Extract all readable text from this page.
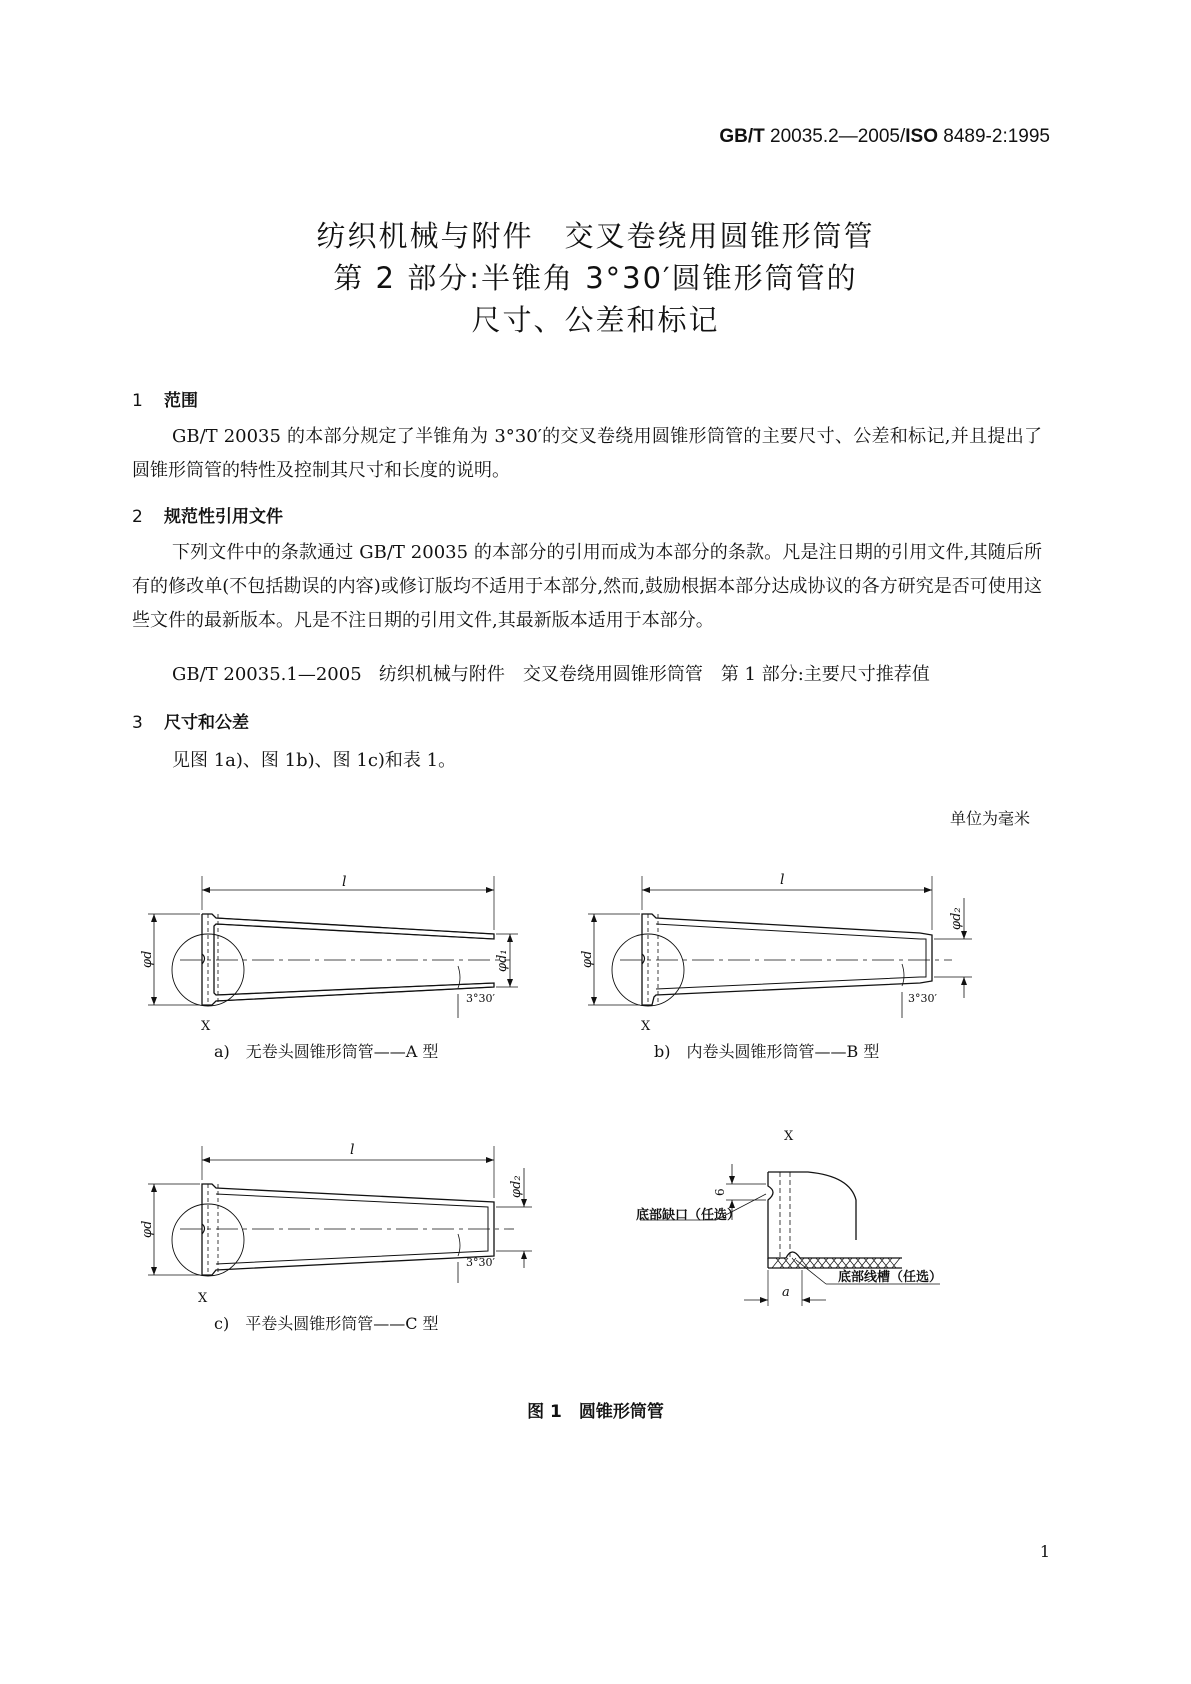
GB/T 20035.2—2005/ISO 8489-2:1995
纺织机械与附件　交叉卷绕用圆锥形筒管
第 2 部分:半锥角 3°30′圆锥形筒管的
尺寸、公差和标记
1 范围
GB/T 20035 的本部分规定了半锥角为 3°30′的交叉卷绕用圆锥形筒管的主要尺寸、公差和标记,并且提出了圆锥形筒管的特性及控制其尺寸和长度的说明。
2 规范性引用文件
下列文件中的条款通过 GB/T 20035 的本部分的引用而成为本部分的条款。凡是注日期的引用文件,其随后所有的修改单(不包括勘误的内容)或修订版均不适用于本部分,然而,鼓励根据本部分达成协议的各方研究是否可使用这些文件的最新版本。凡是不注日期的引用文件,其最新版本适用于本部分。
GB/T 20035.1—2005 纺织机械与附件　交叉卷绕用圆锥形筒管　第 1 部分:主要尺寸推荐值
3 尺寸和公差
见图 1a)、图 1b)、图 1c)和表 1。
单位为毫米
l
φd	φd₁
3°30′
X
a)　无卷头圆锥形筒管——A 型
l
φd
φd₂
3°30′
X
b)　内卷头圆锥形筒管——B 型
l
φd
φd₂
3°30′
X
c)　平卷头圆锥形筒管——C 型
X
6
a
底部缺口（任选）
底部线槽（任选）
图 1　圆锥形筒管
1
